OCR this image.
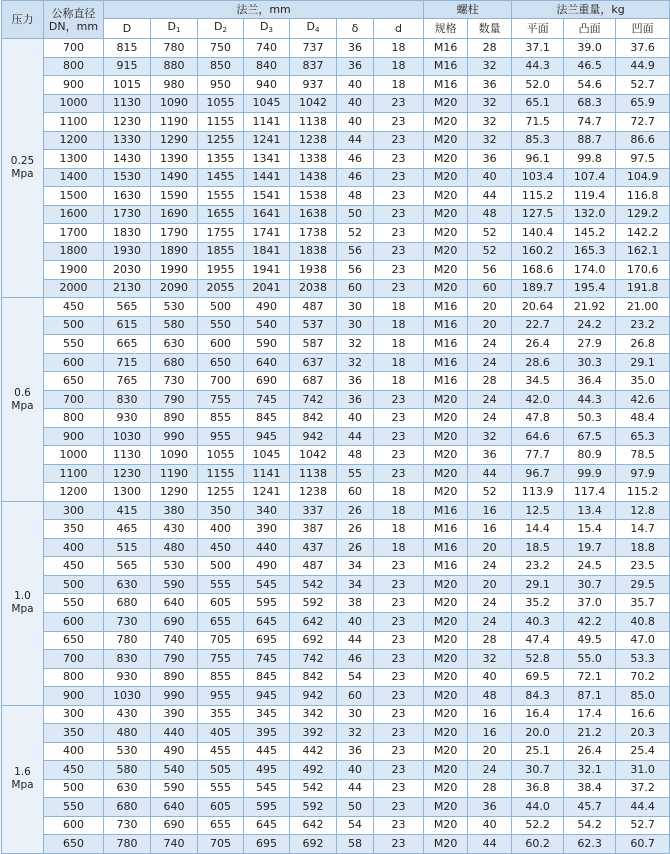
压力	公称直径
DN，mm	法兰，mm							螺柱		法兰重量，kg		
		D	$D_1$	$D_2$	$D_3$	$D_4$	δ	d	规格	数量	平面	凸面	凹面
0.25
Mpa	700	815	780	750	740	737	36	18	M16	28	37.1	39.0	37.6
	800	915	880	850	840	837	36	18	M16	32	44.3	46.5	44.9
	900	1015	980	950	940	937	40	18	M16	36	52.0	54.6	52.7
	1000	1130	1090	1055	1045	1042	40	23	M20	32	65.1	68.3	65.9
	1100	1230	1190	1155	1141	1138	40	23	M20	32	71.5	74.7	72.7
	1200	1330	1290	1255	1241	1238	44	23	M20	32	85.3	88.7	86.6
	1300	1430	1390	1355	1341	1338	46	23	M20	36	96.1	99.8	97.5
	1400	1530	1490	1455	1441	1438	46	23	M20	40	103.4	107.4	104.9
	1500	1630	1590	1555	1541	1538	48	23	M20	44	115.2	119.4	116.8
	1600	1730	1690	1655	1641	1638	50	23	M20	48	127.5	132.0	129.2
	1700	1830	1790	1755	1741	1738	52	23	M20	52	140.4	145.2	142.2
	1800	1930	1890	1855	1841	1838	56	23	M20	52	160.2	165.3	162.1
	1900	2030	1990	1955	1941	1938	56	23	M20	56	168.6	174.0	170.6
	2000	2130	2090	2055	2041	2038	60	23	M20	60	189.7	195.4	191.8
0.6
Mpa	450	565	530	500	490	487	30	18	M16	20	20.64	21.92	21.00
	500	615	580	550	540	537	30	18	M16	20	22.7	24.2	23.2
	550	665	630	600	590	587	32	18	M16	24	26.4	27.9	26.8
	600	715	680	650	640	637	32	18	M16	24	28.6	30.3	29.1
	650	765	730	700	690	687	36	18	M16	28	34.5	36.4	35.0
	700	830	790	755	745	742	36	23	M20	24	42.0	44.3	42.6
	800	930	890	855	845	842	40	23	M20	24	47.8	50.3	48.4
	900	1030	990	955	945	942	44	23	M20	32	64.6	67.5	65.3
	1000	1130	1090	1055	1045	1042	48	23	M20	36	77.7	80.9	78.5
	1100	1230	1190	1155	1141	1138	55	23	M20	44	96.7	99.9	97.9
	1200	1300	1290	1255	1241	1238	60	18	M20	52	113.9	117.4	115.2
1.0
Mpa	300	415	380	350	340	337	26	18	M16	16	12.5	13.4	12.8
	350	465	430	400	390	387	26	18	M16	16	14.4	15.4	14.7
	400	515	480	450	440	437	26	18	M16	20	18.5	19.7	18.8
	450	565	530	500	490	487	34	23	M16	24	23.2	24.5	23.5
	500	630	590	555	545	542	34	23	M20	20	29.1	30.7	29.5
	550	680	640	605	595	592	38	23	M20	24	35.2	37.0	35.7
	600	730	690	655	645	642	40	23	M20	24	40.3	42.2	40.8
	650	780	740	705	695	692	44	23	M20	28	47.4	49.5	47.0
	700	830	790	755	745	742	46	23	M20	32	52.8	55.0	53.3
	800	930	890	855	845	842	54	23	M20	40	69.5	72.1	70.2
	900	1030	990	955	945	942	60	23	M20	48	84.3	87.1	85.0
1.6
Mpa	300	430	390	355	345	342	30	23	M20	16	16.4	17.4	16.6
	350	480	440	405	395	392	32	23	M20	16	20.0	21.2	20.3
	400	530	490	455	445	442	36	23	M20	20	25.1	26.4	25.4
	450	580	540	505	495	492	40	23	M20	24	30.7	32.1	31.0
	500	630	590	555	545	542	44	23	M20	28	36.8	38.4	37.2
	550	680	640	605	595	592	50	23	M20	36	44.0	45.7	44.4
	600	730	690	655	645	642	54	23	M20	40	52.2	54.2	52.7
	650	780	740	705	695	692	58	23	M20	44	60.2	62.3	60.7
